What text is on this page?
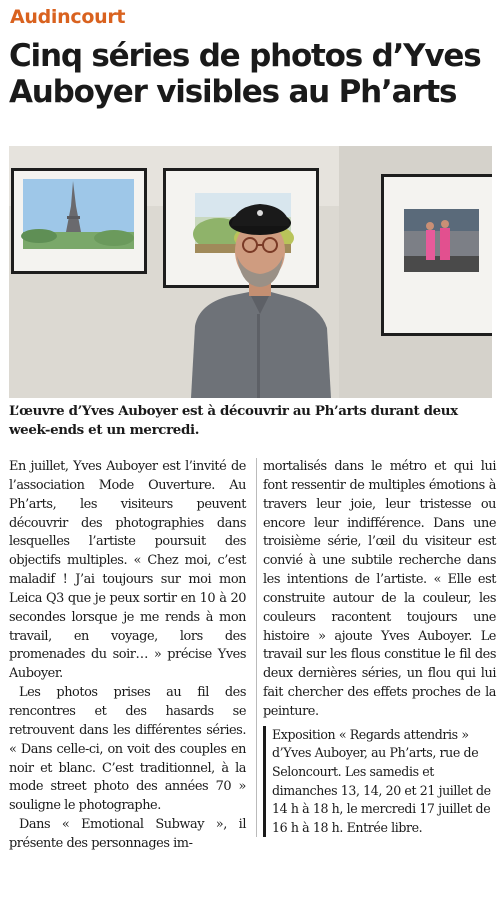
Audincourt
Cinq séries de photos d’Yves Auboyer visibles au Ph’arts

L’œuvre d’Yves Auboyer est à découvrir au Ph’arts durant deux week-ends et un mercredi.

En juillet, Yves Auboyer est l’invité de l’association Mode Ouverture. Au Ph’arts, les visiteurs peuvent découvrir des photographies dans lesquelles l’artiste poursuit des objectifs multiples. « Chez moi, c’est maladif ! J’ai toujours sur moi mon Leica Q3 que je peux sortir en 10 à 20 secondes lorsque je me rends à mon travail, en voyage, lors des promenades du soir… » précise Yves Auboyer.

Les photos prises au fil des rencontres et des hasards se retrouvent dans les différentes séries. « Dans celle-ci, on voit des couples en noir et blanc. C’est traditionnel, à la mode street photo des années 70 » souligne le photographe.

Dans « Emotional Subway », il présente des personnages im-

mortalisés dans le métro et qui lui font ressentir de multiples émotions à travers leur joie, leur tristesse ou encore leur indifférence. Dans une troisième série, l’œil du visiteur est convié à une subtile recherche dans les intentions de l’artiste. « Elle est construite autour de la couleur, les couleurs racontent toujours une histoire » ajoute Yves Auboyer. Le travail sur les flous constitue le fil des deux dernières séries, un flou qui lui fait chercher des effets proches de la peinture.

Exposition « Regards attendris » d’Yves Auboyer, au Ph’arts, rue de Seloncourt. Les samedis et dimanches 13, 14, 20 et 21 juillet de 14 h à 18 h, le mercredi 17 juillet de 16 h à 18 h. Entrée libre.
